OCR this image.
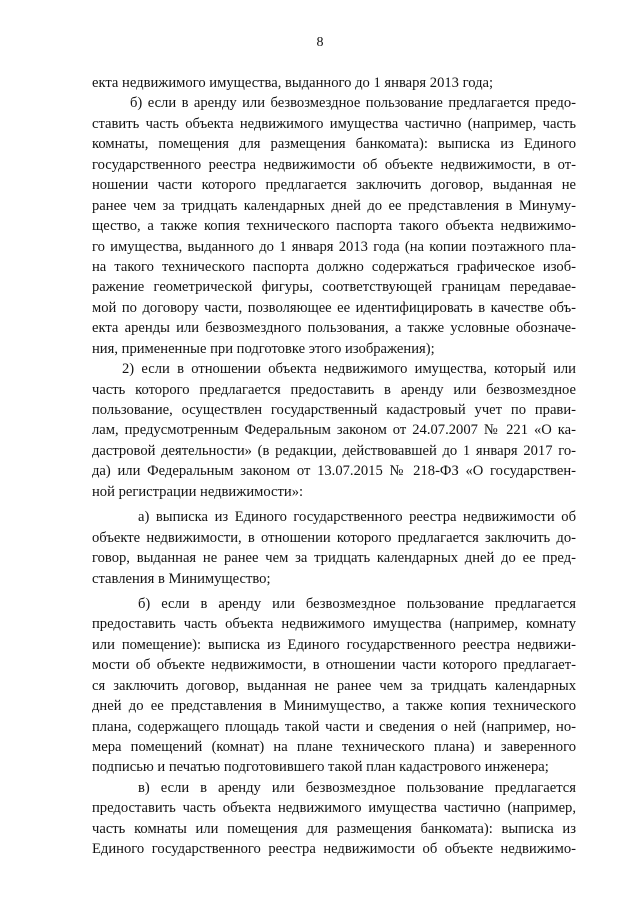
8
екта недвижимого имущества, выданного до 1 января 2013 года;
б) если в аренду или безвозмездное пользование предлагается предо-
ставить часть объекта недвижимого имущества частично (например, часть
комнаты, помещения для размещения банкомата): выписка из Единого
государственного реестра недвижимости об объекте недвижимости, в от-
ношении части которого предлагается заключить договор, выданная не
ранее чем за тридцать календарных дней до ее представления в Минуму-
щество, а также копия технического паспорта такого объекта недвижимо-
го имущества, выданного до 1 января 2013 года (на копии поэтажного пла-
на такого технического паспорта должно содержаться графическое изоб-
ражение геометрической фигуры, соответствующей границам передавае-
мой по договору части, позволяющее ее идентифицировать в качестве объ-
екта аренды или безвозмездного пользования, а также условные обозначе-
ния, примененные при подготовке этого изображения);
2) если в отношении объекта недвижимого имущества, который или
часть которого предлагается предоставить в аренду или безвозмездное
пользование, осуществлен государственный кадастровый учет по прави-
лам, предусмотренным Федеральным законом от 24.07.2007 № 221 «О ка-
дастровой деятельности» (в редакции, действовавшей до 1 января 2017 го-
да) или Федеральным законом от 13.07.2015 № 218-ФЗ «О государствен-
ной регистрации недвижимости»:
а) выписка из Единого государственного реестра недвижимости об
объекте недвижимости, в отношении которого предлагается заключить до-
говор, выданная не ранее чем за тридцать календарных дней до ее пред-
ставления в Минимущество;
б) если в аренду или безвозмездное пользование предлагается
предоставить часть объекта недвижимого имущества (например, комнату
или помещение): выписка из Единого государственного реестра недвижи-
мости об объекте недвижимости, в отношении части которого предлагает-
ся заключить договор, выданная не ранее чем за тридцать календарных
дней до ее представления в Минимущество, а также копия технического
плана, содержащего площадь такой части и сведения о ней (например, но-
мера помещений (комнат) на плане технического плана) и заверенного
подписью и печатью подготовившего такой план кадастрового инженера;
в) если в аренду или безвозмездное пользование предлагается
предоставить часть объекта недвижимого имущества частично (например,
часть комнаты или помещения для размещения банкомата): выписка из
Единого государственного реестра недвижимости об объекте недвижимо-
